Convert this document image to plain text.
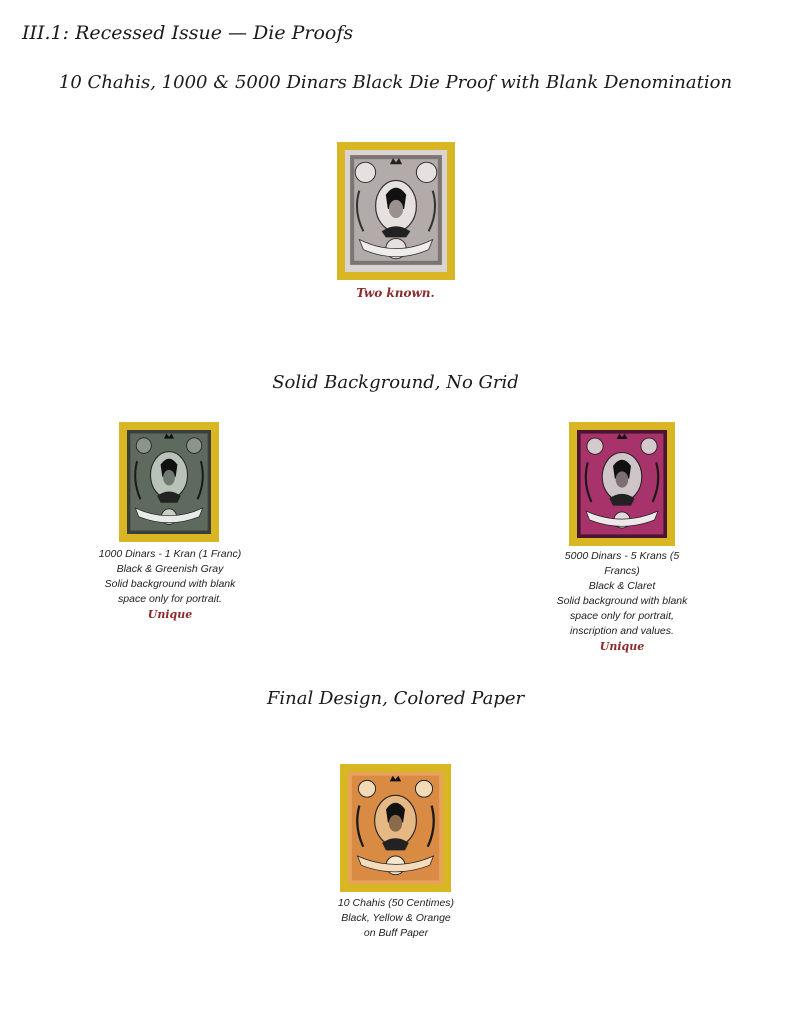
III.1: Recessed Issue — Die Proofs
10 Chahis, 1000 & 5000 Dinars Black Die Proof with Blank Denomination
Two known.
Solid Background, No Grid
1000 Dinars - 1 Kran (1 Franc)
Black & Greenish Gray
Solid background with blank
space only for portrait.
Unique
5000 Dinars - 5 Krans (5
Francs)
Black & Claret
Solid background with blank
space only for portrait,
inscription and values.
Unique
Final Design, Colored Paper
10 Chahis (50 Centimes)
Black, Yellow & Orange
on Buff Paper
